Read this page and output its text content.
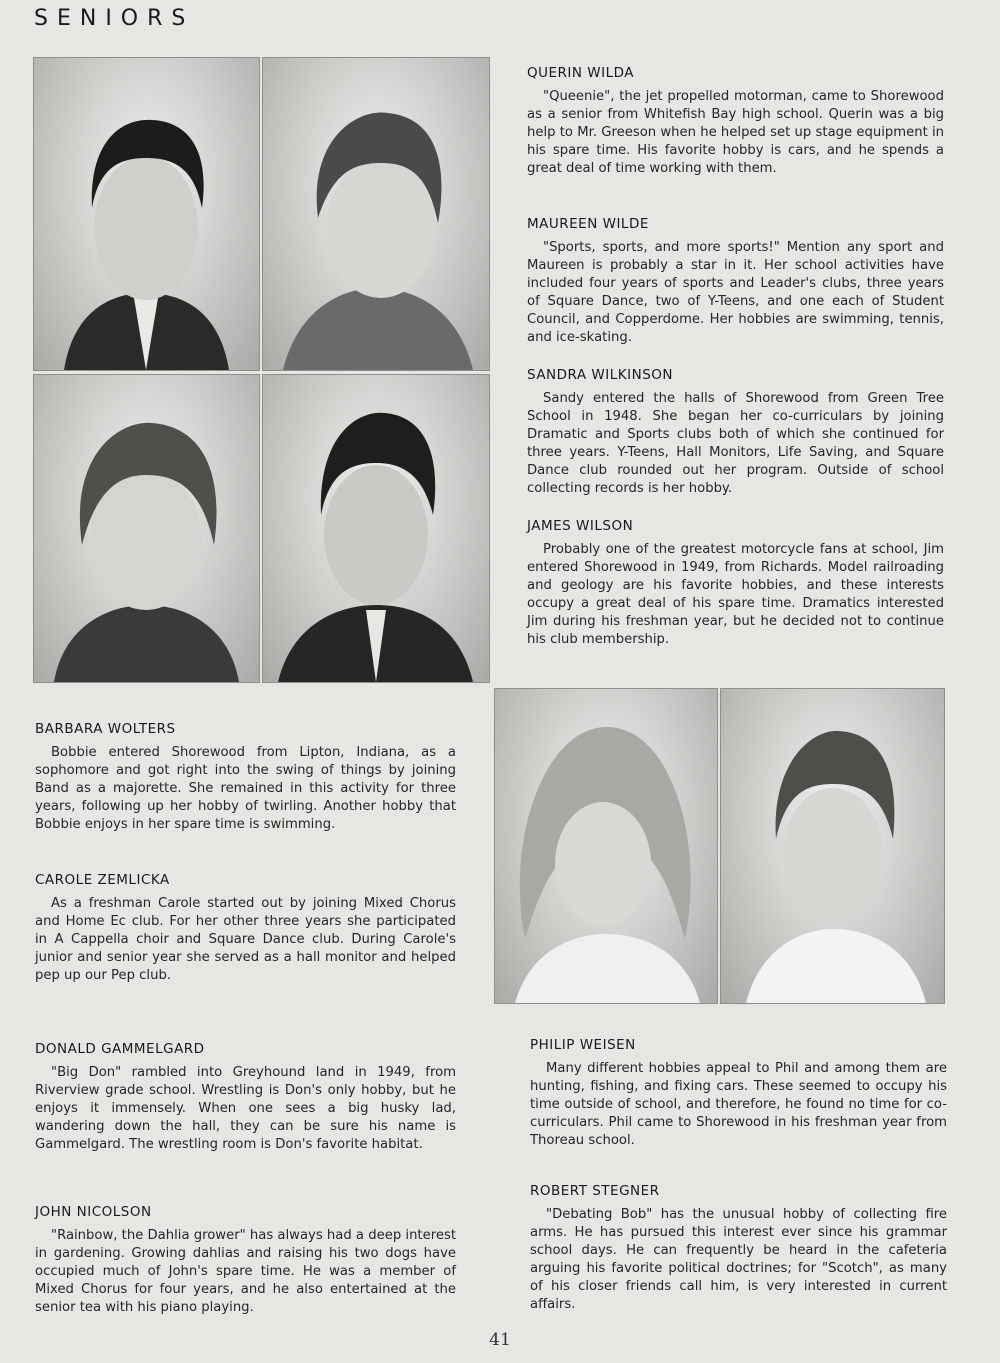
SENIORS
QUERIN WILDA
"Queenie", the jet propelled motorman, came to Shorewood as a senior from Whitefish Bay high school. Querin was a big help to Mr. Greeson when he helped set up stage equipment in his spare time. His favorite hobby is cars, and he spends a great deal of time working with them.
MAUREEN WILDE
"Sports, sports, and more sports!" Mention any sport and Maureen is probably a star in it. Her school activities have included four years of sports and Leader's clubs, three years of Square Dance, two of Y-Teens, and one each of Student Council, and Copperdome. Her hobbies are swimming, tennis, and ice-skating.
SANDRA WILKINSON
Sandy entered the halls of Shorewood from Green Tree School in 1948. She began her co-curriculars by joining Dramatic and Sports clubs both of which she continued for three years. Y-Teens, Hall Monitors, Life Saving, and Square Dance club rounded out her program. Outside of school collecting records is her hobby.
JAMES WILSON
Probably one of the greatest motorcycle fans at school, Jim entered Shorewood in 1949, from Richards. Model railroading and geology are his favorite hobbies, and these interests occupy a great deal of his spare time. Dramatics interested Jim during his freshman year, but he decided not to continue his club membership.
BARBARA WOLTERS
Bobbie entered Shorewood from Lipton, Indiana, as a sophomore and got right into the swing of things by joining Band as a majorette. She remained in this activity for three years, following up her hobby of twirling. Another hobby that Bobbie enjoys in her spare time is swimming.
CAROLE ZEMLICKA
As a freshman Carole started out by joining Mixed Chorus and Home Ec club. For her other three years she participated in A Cappella choir and Square Dance club. During Carole's junior and senior year she served as a hall monitor and helped pep up our Pep club.
DONALD GAMMELGARD
"Big Don" rambled into Greyhound land in 1949, from Riverview grade school. Wrestling is Don's only hobby, but he enjoys it immensely. When one sees a big husky lad, wandering down the hall, they can be sure his name is Gammelgard. The wrestling room is Don's favorite habitat.
JOHN NICOLSON
"Rainbow, the Dahlia grower" has always had a deep interest in gardening. Growing dahlias and raising his two dogs have occupied much of John's spare time. He was a member of Mixed Chorus for four years, and he also entertained at the senior tea with his piano playing.
PHILIP WEISEN
Many different hobbies appeal to Phil and among them are hunting, fishing, and fixing cars. These seemed to occupy his time outside of school, and therefore, he found no time for co-curriculars. Phil came to Shorewood in his freshman year from Thoreau school.
ROBERT STEGNER
"Debating Bob" has the unusual hobby of collecting fire arms. He has pursued this interest ever since his grammar school days. He can frequently be heard in the cafeteria arguing his favorite political doctrines; for "Scotch", as many of his closer friends call him, is very interested in current affairs.
41
